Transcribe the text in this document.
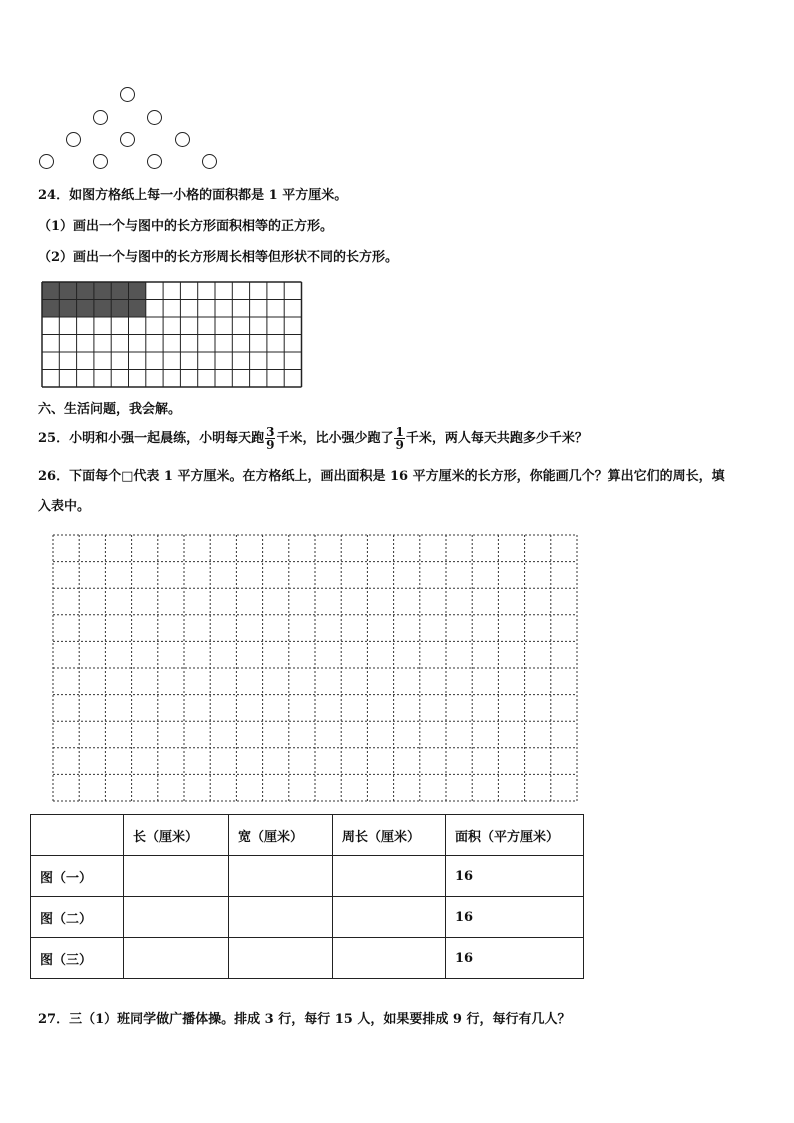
24．如图方格纸上每一小格的面积都是 1 平方厘米。
（1）画出一个与图中的长方形面积相等的正方形。
（2）画出一个与图中的长方形周长相等但形状不同的长方形。
六、生活问题，我会解。
25．小明和小强一起晨练，小明每天跑 $\frac{3}{9}$ 千米，比小强少跑了 $\frac{1}{9}$ 千米，两人每天共跑多少千米？
26．下面每个□代表 1 平方厘米。在方格纸上，画出面积是 16 平方厘米的长方形，你能画几个？算出它们的周长，填
入表中。
	长（厘米）	宽（厘米）	周长（厘米）	面积（平方厘米）
图（一）				16
图（二）				16
图（三）				16
27．三（1）班同学做广播体操。排成 3 行，每行 15 人，如果要排成 9 行，每行有几人？
